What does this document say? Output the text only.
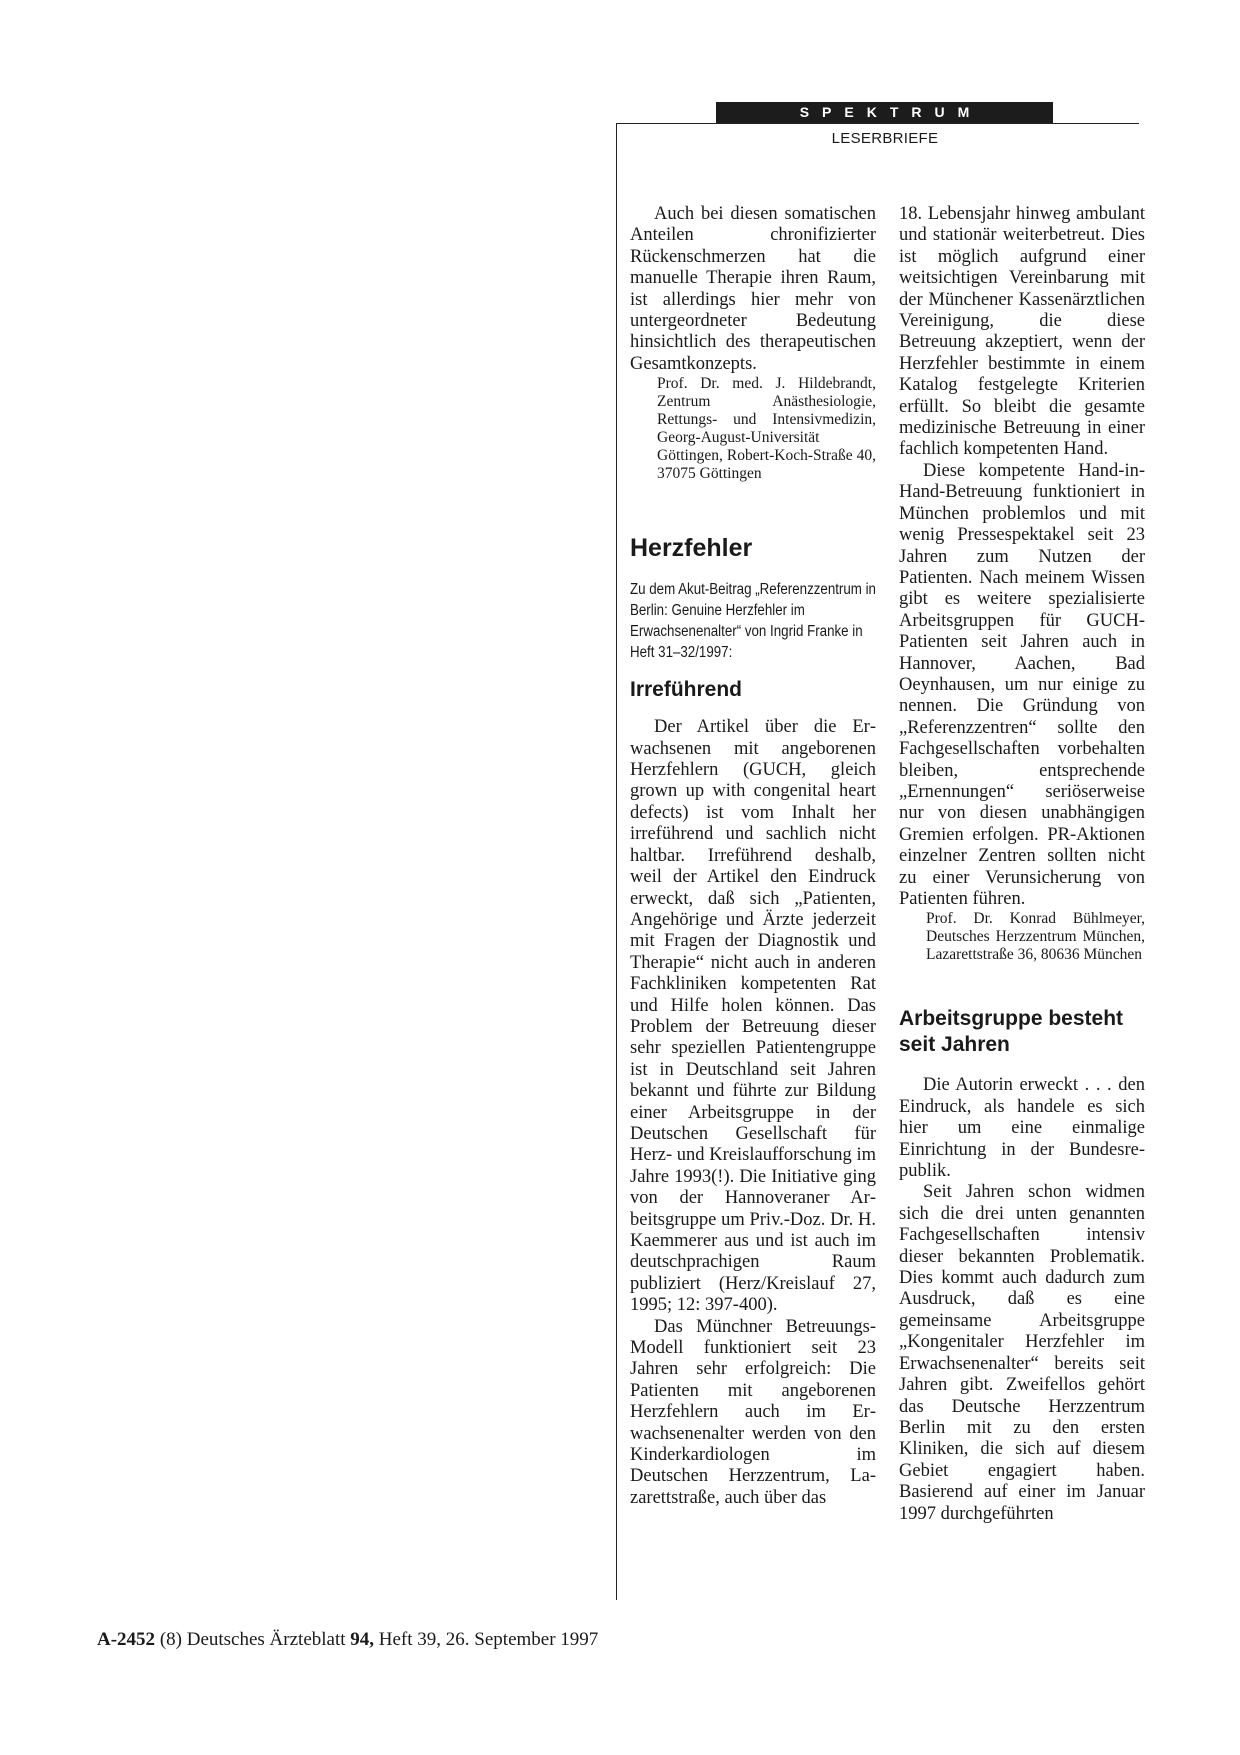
SPEKTRUM
LESERBRIEFE

Auch bei diesen somatischen Anteilen chronifizierter Rückenschmerzen hat die manuelle Therapie ihren Raum, ist allerdings hier mehr von untergeordneter Bedeutung hinsichtlich des therapeutischen Gesamtkonzepts.

Prof. Dr. med. J. Hildebrandt, Zentrum Anästhesiologie, Rettungs- und Intensivmedizin, Georg-August-Universität Göttingen, Robert-Koch-Straße 40, 37075 Göttingen

Herzfehler

Zu dem Akut-Beitrag „Referenzzentrum in Berlin: Genuine Herzfehler im Erwachsenenalter“ von Ingrid Franke in Heft 31–32/1997:

Irreführend

Der Artikel über die Erwachsenen mit angeborenen Herzfehlern (GUCH, gleich grown up with congenital heart defects) ist vom Inhalt her irreführend und sachlich nicht haltbar. Irreführend deshalb, weil der Artikel den Eindruck erweckt, daß sich „Patienten, Angehörige und Ärzte jederzeit mit Fragen der Diagnostik und Therapie“ nicht auch in anderen Fachkliniken kompetenten Rat und Hilfe holen können. Das Problem der Betreuung dieser sehr speziellen Patientengruppe ist in Deutschland seit Jahren bekannt und führte zur Bildung einer Arbeitsgruppe in der Deutschen Gesellschaft für Herz- und Kreislaufforschung im Jahre 1993(!). Die Initiative ging von der Hannoveraner Arbeitsgruppe um Priv.-Doz. Dr. H. Kaemmerer aus und ist auch im deutschprachigen Raum publiziert (Herz/Kreislauf 27, 1995; 12: 397-400).

Das Münchner Betreuungs-Modell funktioniert seit 23 Jahren sehr erfolgreich: Die Patienten mit angeborenen Herzfehlern auch im Erwachsenenalter werden von den Kinderkardiologen im Deutschen Herzzentrum, Lazarettstraße, auch über das

18. Lebensjahr hinweg ambulant und stationär weiterbetreut. Dies ist möglich aufgrund einer weitsichtigen Vereinbarung mit der Münchener Kassenärztlichen Vereinigung, die diese Betreuung akzeptiert, wenn der Herzfehler bestimmte in einem Katalog festgelegte Kriterien erfüllt. So bleibt die gesamte medizinische Betreuung in einer fachlich kompetenten Hand.

Diese kompetente Hand-in-Hand-Betreuung funktioniert in München problemlos und mit wenig Pressespektakel seit 23 Jahren zum Nutzen der Patienten. Nach meinem Wissen gibt es weitere spezialisierte Arbeitsgruppen für GUCH-Patienten seit Jahren auch in Hannover, Aachen, Bad Oeynhausen, um nur einige zu nennen. Die Gründung von „Referenzzentren“ sollte den Fachgesellschaften vorbehalten bleiben, entsprechende „Ernennungen“ seriöserweise nur von diesen unabhängigen Gremien erfolgen. PR-Aktionen einzelner Zentren sollten nicht zu einer Verunsicherung von Patienten führen.

Prof. Dr. Konrad Bühlmeyer, Deutsches Herzzentrum München, Lazarettstraße 36, 80636 München

Arbeitsgruppe besteht seit Jahren

Die Autorin erweckt . . . den Eindruck, als handele es sich hier um eine einmalige Einrichtung in der Bundesrepublik.

Seit Jahren schon widmen sich die drei unten genannten Fachgesellschaften intensiv dieser bekannten Problematik. Dies kommt auch dadurch zum Ausdruck, daß es eine gemeinsame Arbeitsgruppe „Kongenitaler Herzfehler im Erwachsenenalter“ bereits seit Jahren gibt. Zweifellos gehört das Deutsche Herzzentrum Berlin mit zu den ersten Kliniken, die sich auf diesem Gebiet engagiert haben. Basierend auf einer im Januar 1997 durchgeführten

A-2452 (8) Deutsches Ärzteblatt 94, Heft 39, 26. September 1997
